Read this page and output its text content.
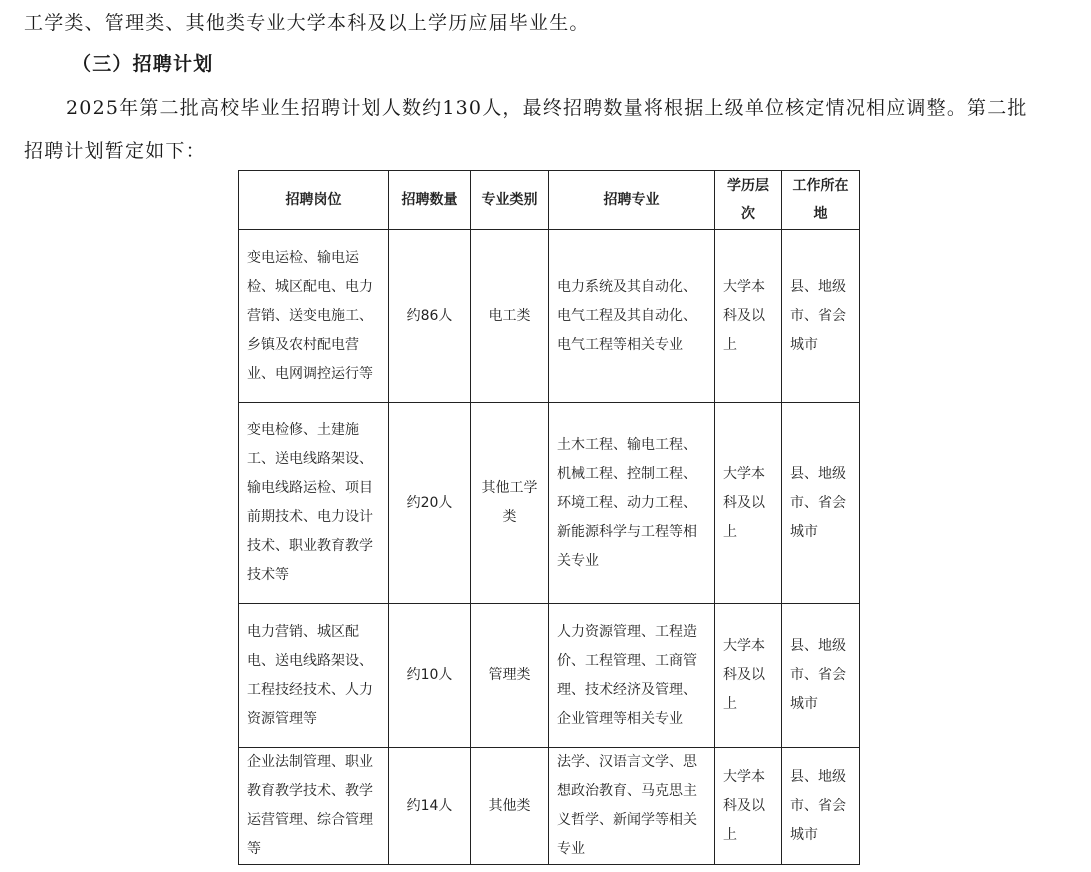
工学类、管理类、其他类专业大学本科及以上学历应届毕业生。
（三）招聘计划
2025年第二批高校毕业生招聘计划人数约130人，最终招聘数量将根据上级单位核定情况相应调整。第二批
招聘计划暂定如下：
招聘岗位	招聘数量	专业类别	招聘专业	学历层次	工作所在地
变电运检、输电运检、城区配电、电力营销、送变电施工、乡镇及农村配电营业、电网调控运行等	约86人	电工类	电力系统及其自动化、电气工程及其自动化、电气工程等相关专业	大学本科及以上	县、地级市、省会城市
变电检修、土建施工、送电线路架设、输电线路运检、项目前期技术、电力设计技术、职业教育教学技术等	约20人	其他工学类	土木工程、输电工程、机械工程、控制工程、环境工程、动力工程、新能源科学与工程等相关专业	大学本科及以上	县、地级市、省会城市
电力营销、城区配电、送电线路架设、工程技经技术、人力资源管理等	约10人	管理类	人力资源管理、工程造价、工程管理、工商管理、技术经济及管理、企业管理等相关专业	大学本科及以上	县、地级市、省会城市
企业法制管理、职业教育教学技术、教学运营管理、综合管理等	约14人	其他类	法学、汉语言文学、思想政治教育、马克思主义哲学、新闻学等相关专业	大学本科及以上	县、地级市、省会城市
